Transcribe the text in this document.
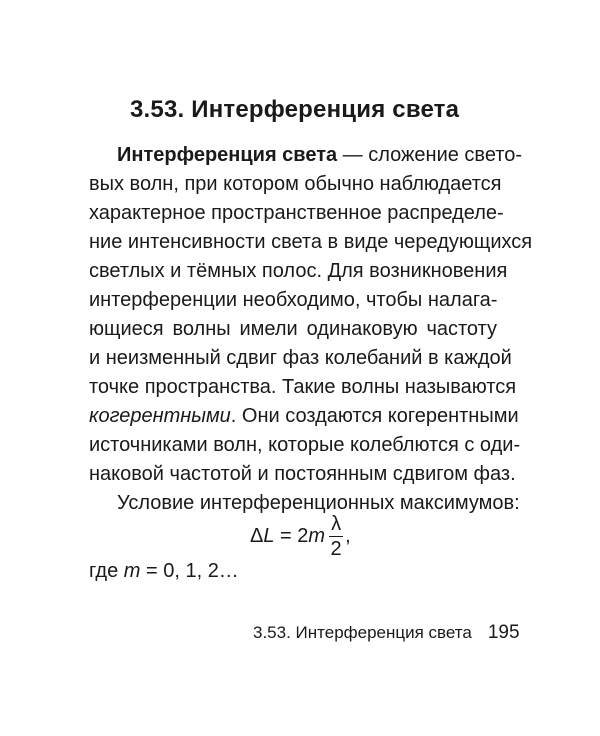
3.53. Интерференция света
Интерференция света — сложение свето-
вых волн, при котором обычно наблюдается
характерное пространственное распределе-
ние интенсивности света в виде чередующихся
светлых и тёмных полос. Для возникновения
интерференции необходимо, чтобы налага-
ющиеся волны имели одинаковую частоту
и неизменный сдвиг фаз колебаний в каждой
точке пространства. Такие волны называются
когерентными. Они создаются когерентными
источниками волн, которые колеблются с оди-
наковой частотой и постоянным сдвигом фаз.
Условие интерференционных максимумов:
Δ L = 2 m $\frac{\lambda}{2}$ ,
где m = 0, 1, 2…
3.53. Интерференция света 195
